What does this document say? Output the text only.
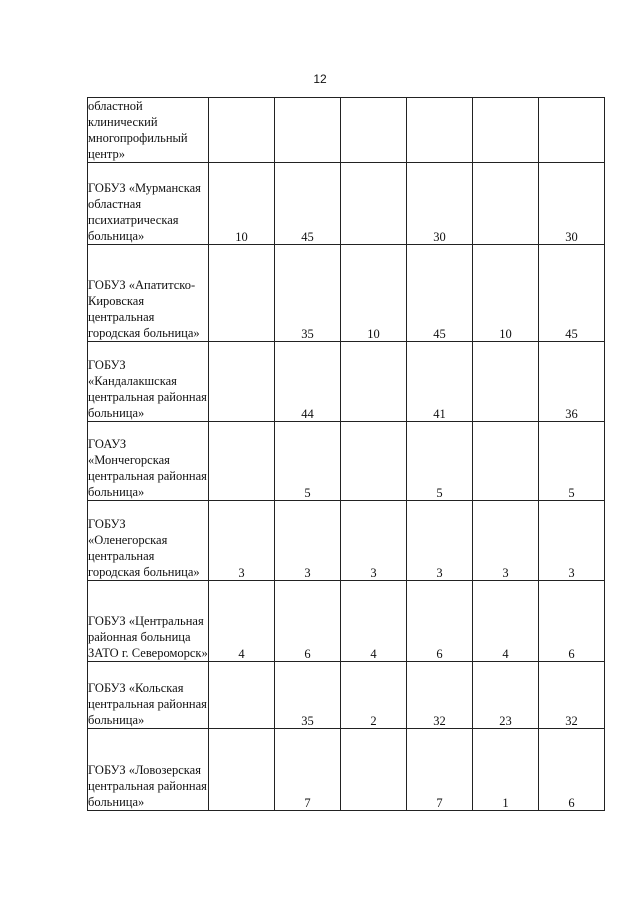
12
областной клинический многопрофильный центр»						
ГОБУЗ «Мурманская областная психиатрическая больница»	10	45		30		30
ГОБУЗ «Апатитско-Кировская центральная городская больница»		35	10	45	10	45
ГОБУЗ «Кандалакшская центральная районная больница»		44		41		36
ГОАУЗ «Мончегорская центральная районная больница»		5		5		5
ГОБУЗ «Оленегорская центральная городская больница»	3	3	3	3	3	3
ГОБУЗ «Центральная районная больница ЗАТО г. Североморск»	4	6	4	6	4	6
ГОБУЗ «Кольская центральная районная больница»		35	2	32	23	32
ГОБУЗ «Ловозерская центральная районная больница»		7		7	1	6
